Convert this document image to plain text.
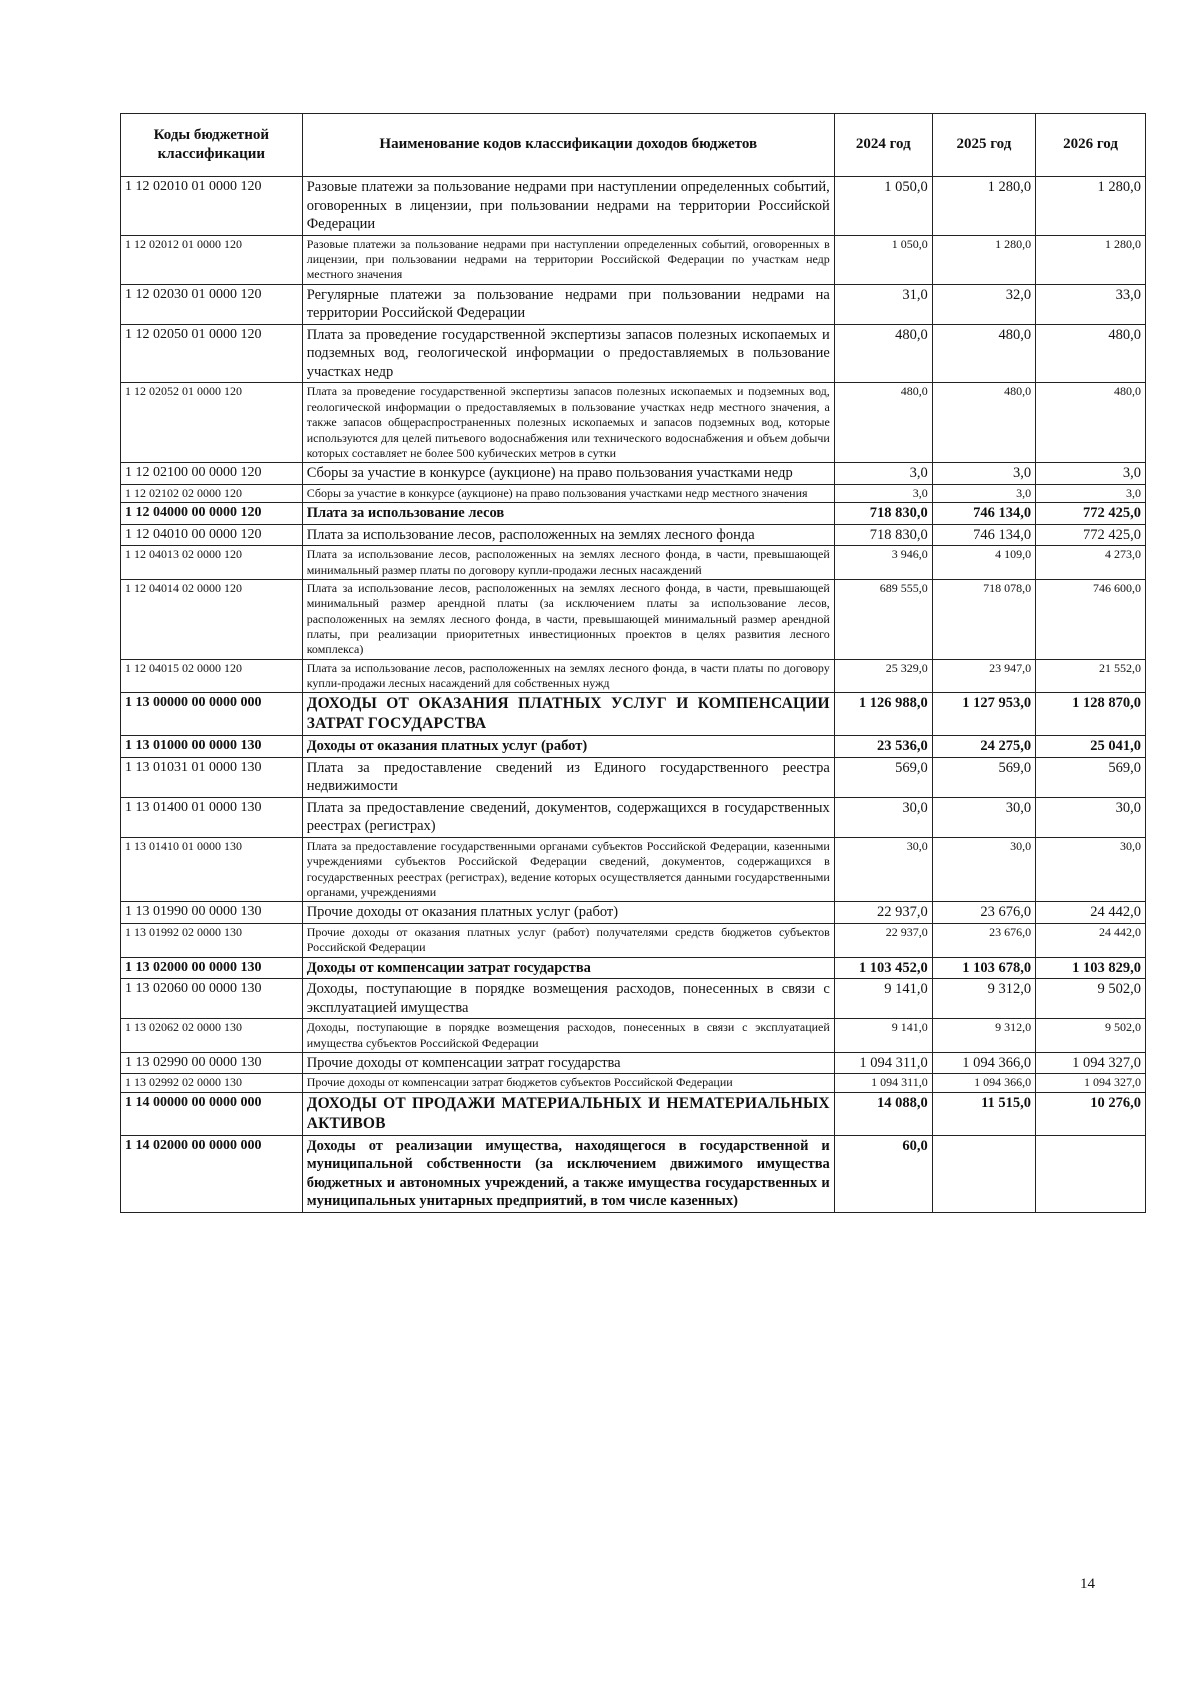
Коды бюджетной классификации	Наименование кодов классификации доходов бюджетов	2024 год	2025 год	2026 год
1 12 02010 01 0000 120	Разовые платежи за пользование недрами при наступлении определенных событий, оговоренных в лицензии, при пользовании недрами на территории Российской Федерации	1 050,0	1 280,0	1 280,0
1 12 02012 01 0000 120	Разовые платежи за пользование недрами при наступлении определенных событий, оговоренных в лицензии, при пользовании недрами на территории Российской Федерации по участкам недр местного значения	1 050,0	1 280,0	1 280,0
1 12 02030 01 0000 120	Регулярные платежи за пользование недрами при пользовании недрами на территории Российской Федерации	31,0	32,0	33,0
1 12 02050 01 0000 120	Плата за проведение государственной экспертизы запасов полезных ископаемых и подземных вод, геологической информации о предоставляемых в пользование участках недр	480,0	480,0	480,0
1 12 02052 01 0000 120	Плата за проведение государственной экспертизы запасов полезных ископаемых и подземных вод, геологической информации о предоставляемых в пользование участках недр местного значения, а также запасов общераспространенных полезных ископаемых и запасов подземных вод, которые используются для целей питьевого водоснабжения или технического водоснабжения и объем добычи которых составляет не более 500 кубических метров в сутки	480,0	480,0	480,0
1 12 02100 00 0000 120	Сборы за участие в конкурсе (аукционе) на право пользования участками недр	3,0	3,0	3,0
1 12 02102 02 0000 120	Сборы за участие в конкурсе (аукционе) на право пользования участками недр местного значения	3,0	3,0	3,0
1 12 04000 00 0000 120	Плата за использование лесов	718 830,0	746 134,0	772 425,0
1 12 04010 00 0000 120	Плата за использование лесов, расположенных на землях лесного фонда	718 830,0	746 134,0	772 425,0
1 12 04013 02 0000 120	Плата за использование лесов, расположенных на землях лесного фонда, в части, превышающей минимальный размер платы по договору купли-продажи лесных насаждений	3 946,0	4 109,0	4 273,0
1 12 04014 02 0000 120	Плата за использование лесов, расположенных на землях лесного фонда, в части, превышающей минимальный размер арендной платы (за исключением платы за использование лесов, расположенных на землях лесного фонда, в части, превышающей минимальный размер арендной платы, при реализации приоритетных инвестиционных проектов в целях развития лесного комплекса)	689 555,0	718 078,0	746 600,0
1 12 04015 02 0000 120	Плата за использование лесов, расположенных на землях лесного фонда, в части платы по договору купли-продажи лесных насаждений для собственных нужд	25 329,0	23 947,0	21 552,0
1 13 00000 00 0000 000	ДОХОДЫ ОТ ОКАЗАНИЯ ПЛАТНЫХ УСЛУГ И КОМПЕНСАЦИИ ЗАТРАТ ГОСУДАРСТВА	1 126 988,0	1 127 953,0	1 128 870,0
1 13 01000 00 0000 130	Доходы от оказания платных услуг (работ)	23 536,0	24 275,0	25 041,0
1 13 01031 01 0000 130	Плата за предоставление сведений из Единого государственного реестра недвижимости	569,0	569,0	569,0
1 13 01400 01 0000 130	Плата за предоставление сведений, документов, содержащихся в государственных реестрах (регистрах)	30,0	30,0	30,0
1 13 01410 01 0000 130	Плата за предоставление государственными органами субъектов Российской Федерации, казенными учреждениями субъектов Российской Федерации сведений, документов, содержащихся в государственных реестрах (регистрах), ведение которых осуществляется данными государственными органами, учреждениями	30,0	30,0	30,0
1 13 01990 00 0000 130	Прочие доходы от оказания платных услуг (работ)	22 937,0	23 676,0	24 442,0
1 13 01992 02 0000 130	Прочие доходы от оказания платных услуг (работ) получателями средств бюджетов субъектов Российской Федерации	22 937,0	23 676,0	24 442,0
1 13 02000 00 0000 130	Доходы от компенсации затрат государства	1 103 452,0	1 103 678,0	1 103 829,0
1 13 02060 00 0000 130	Доходы, поступающие в порядке возмещения расходов, понесенных в связи с эксплуатацией имущества	9 141,0	9 312,0	9 502,0
1 13 02062 02 0000 130	Доходы, поступающие в порядке возмещения расходов, понесенных в связи с эксплуатацией имущества субъектов Российской Федерации	9 141,0	9 312,0	9 502,0
1 13 02990 00 0000 130	Прочие доходы от компенсации затрат государства	1 094 311,0	1 094 366,0	1 094 327,0
1 13 02992 02 0000 130	Прочие доходы от компенсации затрат бюджетов субъектов Российской Федерации	1 094 311,0	1 094 366,0	1 094 327,0
1 14 00000 00 0000 000	ДОХОДЫ ОТ ПРОДАЖИ МАТЕРИАЛЬНЫХ И НЕМАТЕРИАЛЬНЫХ АКТИВОВ	14 088,0	11 515,0	10 276,0
1 14 02000 00 0000 000	Доходы от реализации имущества, находящегося в государственной и муниципальной собственности (за исключением движимого имущества бюджетных и автономных учреждений, а также имущества государственных и муниципальных унитарных предприятий, в том числе казенных)	60,0		
14
